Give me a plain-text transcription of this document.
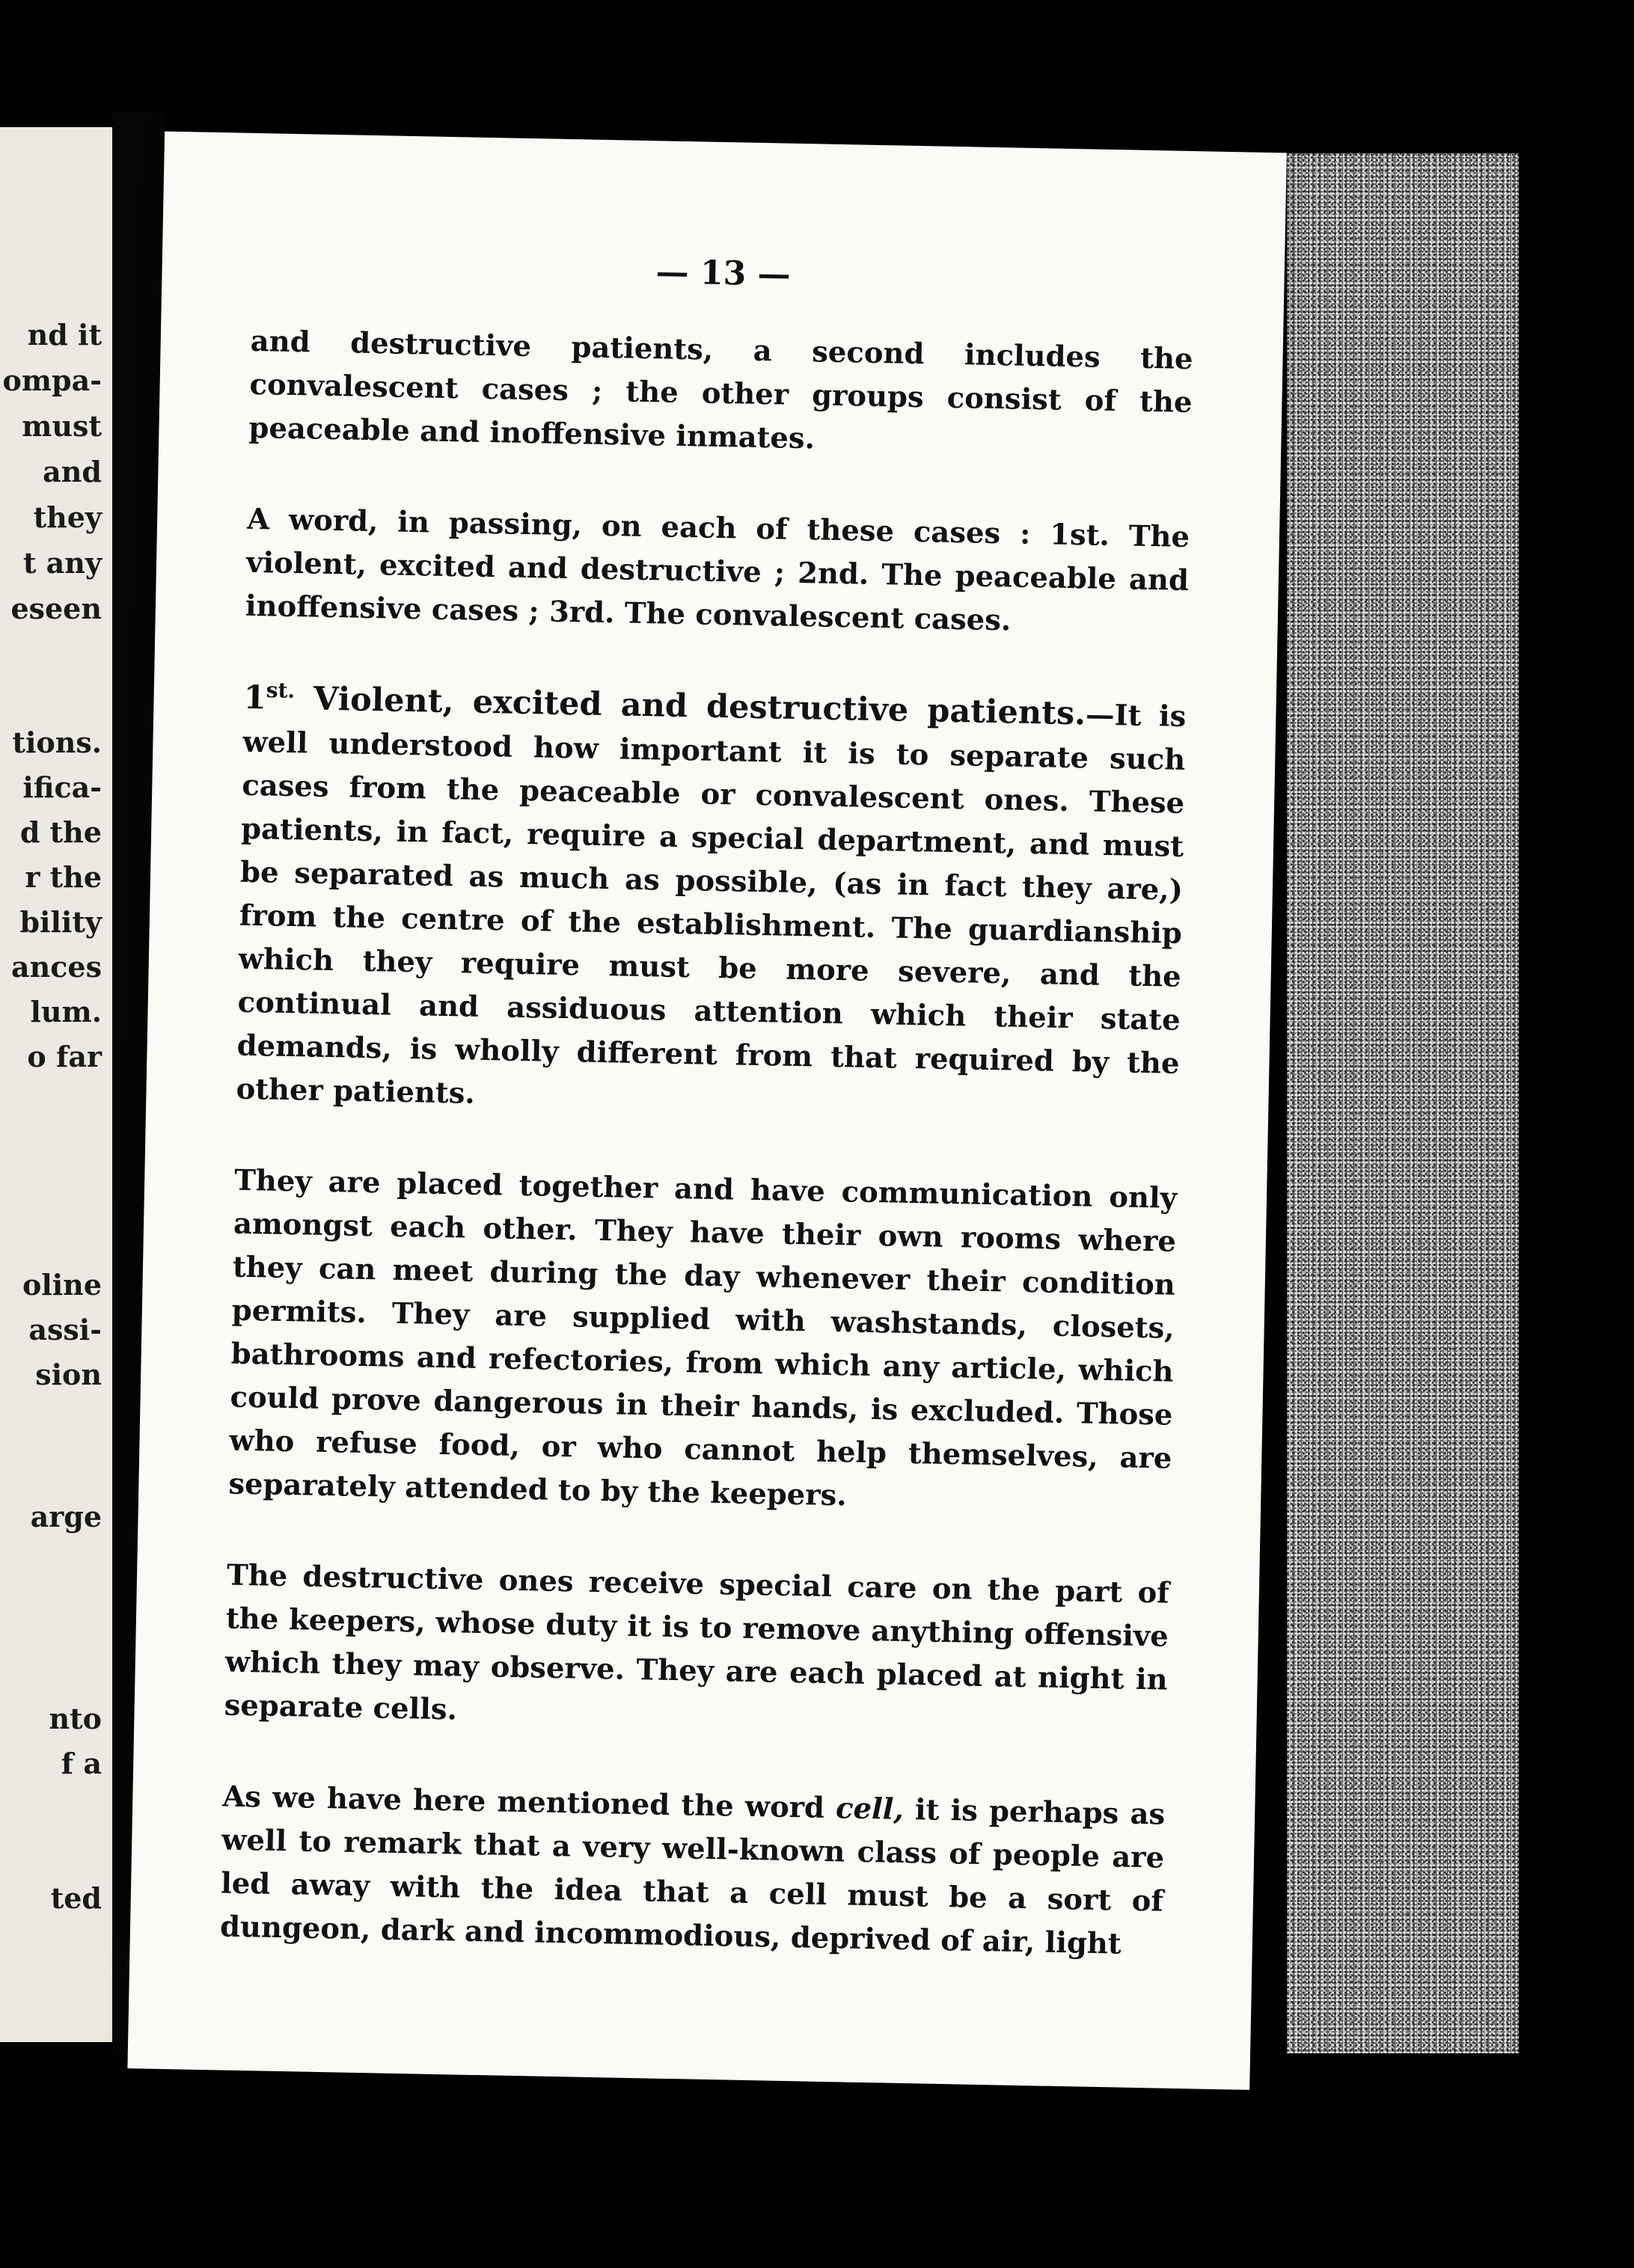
nd it
ompa-
must
and
they
t any
eseen
tions.
ifica-
d the
r the
bility
ances
lum.
o far
oline
assi-
sion
arge
nto
f a
ted
— 13 —

and destructive patients, a second includes the convalescent cases ; the other groups consist of the peaceable and inoffensive inmates.

A word, in passing, on each of these cases : 1st. The violent, excited and destructive ; 2nd. The peaceable and inoffensive cases ; 3rd. The convalescent cases.

$1^{st.}$ Violent, excited and destructive patients.—It is well understood how important it is to separate such cases from the peaceable or convalescent ones. These patients, in fact, require a special department, and must be separated as much as possible, (as in fact they are,) from the centre of the establishment. The guardianship which they require must be more severe, and the continual and assiduous attention which their state demands, is wholly different from that required by the other patients.

They are placed together and have communication only amongst each other. They have their own rooms where they can meet during the day whenever their condition permits. They are supplied with washstands, closets, bathrooms and refectories, from which any article, which could prove dangerous in their hands, is excluded. Those who refuse food, or who cannot help themselves, are separately attended to by the keepers.

The destructive ones receive special care on the part of the keepers, whose duty it is to remove anything offensive which they may observe. They are each placed at night in separate cells.

As we have here mentioned the word cell, it is perhaps as well to remark that a very well-known class of people are led away with the idea that a cell must be a sort of dungeon, dark and incommodious, deprived of air, light
